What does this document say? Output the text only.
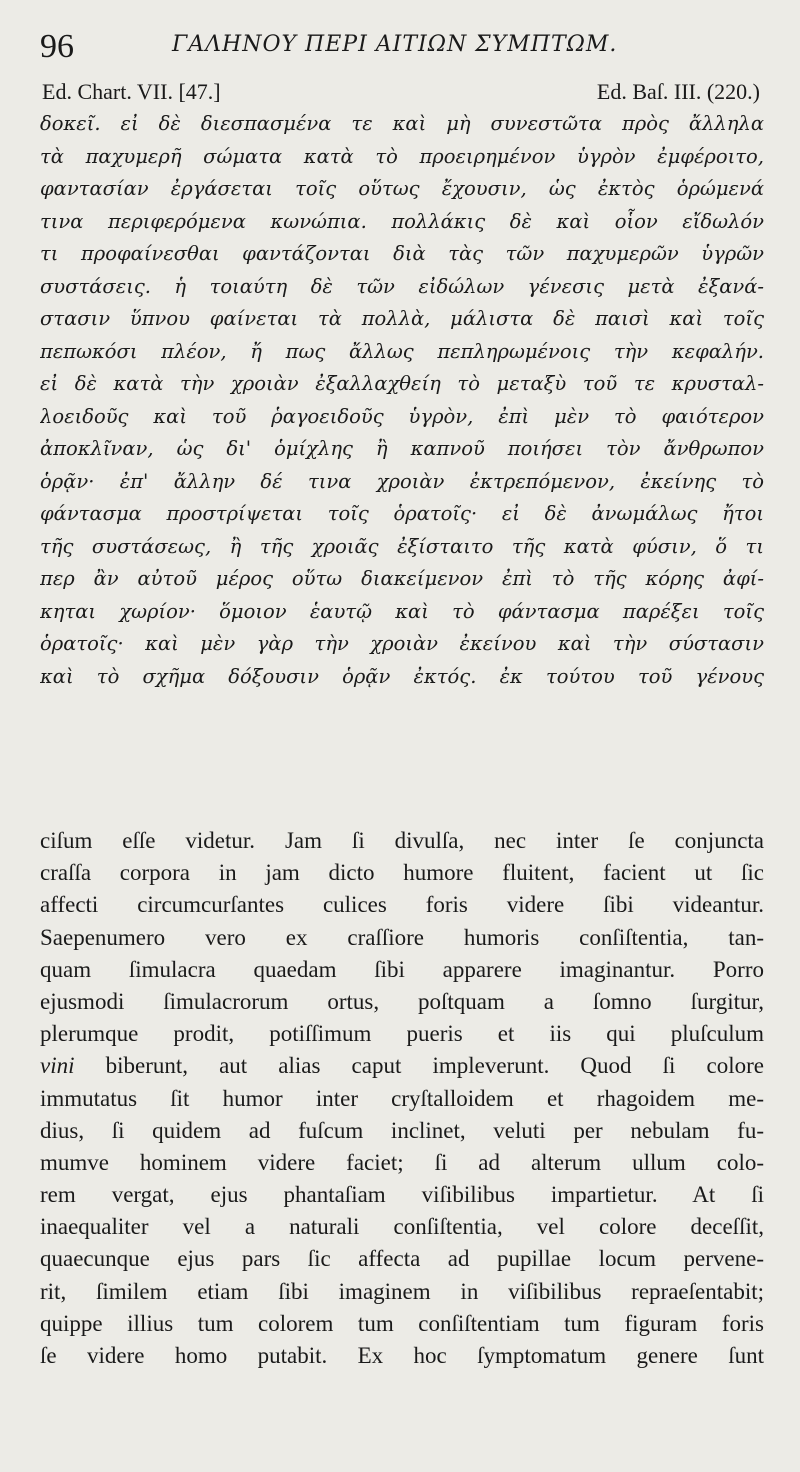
96	ΓΑΛΗΝΟΥ ΠΕΡΙ ΑΙΤΙΩΝ ΣΥΜΠΤΩΜ.
Ed. Chart. VII. [47.]	Ed. Baſ. III. (220.)
δοκεῖ. εἰ δὲ διεσπασμένα τε καὶ μὴ συνεστῶτα πρὸς ἄλληλα
τὰ παχυμερῆ σώματα κατὰ τὸ προειρημένον ὑγρὸν ἐμφέροιτο,
φαντασίαν ἐργάσεται τοῖς οὕτως ἔχουσιν, ὡς ἐκτὸς ὁρώμενά
τινα περιφερόμενα κωνώπια. πολλάκις δὲ καὶ οἷον εἴδωλόν
τι προφαίνεσθαι φαντάζονται διὰ τὰς τῶν παχυμερῶν ὑγρῶν
συστάσεις. ἡ τοιαύτη δὲ τῶν εἰδώλων γένεσις μετὰ ἐξανά-
στασιν ὕπνου φαίνεται τὰ πολλὰ, μάλιστα δὲ παισὶ καὶ τοῖς
πεπωκόσι πλέον, ἤ πως ἄλλως πεπληρωμένοις τὴν κεφαλήν.
εἰ δὲ κατὰ τὴν χροιὰν ἐξαλλαχθείη τὸ μεταξὺ τοῦ τε κρυσταλ-
λοειδοῦς καὶ τοῦ ῥαγοειδοῦς ὑγρὸν, ἐπὶ μὲν τὸ φαιότερον
ἀποκλῖναν, ὡς δι' ὁμίχλης ἢ καπνοῦ ποιήσει τὸν ἄνθρωπον
ὁρᾷν· ἐπ' ἄλλην δέ τινα χροιὰν ἐκτρεπόμενον, ἐκείνης τὸ
φάντασμα προστρίψεται τοῖς ὁρατοῖς· εἰ δὲ ἀνωμάλως ἤτοι
τῆς συστάσεως, ἢ τῆς χροιᾶς ἐξίσταιτο τῆς κατὰ φύσιν, ὅ τι
περ ἂν αὐτοῦ μέρος οὕτω διακείμενον ἐπὶ τὸ τῆς κόρης ἀφί-
κηται χωρίον· ὅμοιον ἑαυτῷ καὶ τὸ φάντασμα παρέξει τοῖς
ὁρατοῖς· καὶ μὲν γὰρ τὴν χροιὰν ἐκείνου καὶ τὴν σύστασιν
καὶ τὸ σχῆμα δόξουσιν ὁρᾷν ἐκτός. ἐκ τούτου τοῦ γένους
ciſum eſſe videtur. Jam ſi divulſa, nec inter ſe conjuncta
craſſa corpora in jam dicto humore fluitent, facient ut ſic
affecti circumcurſantes culices foris videre ſibi videantur.
Saepenumero vero ex craſſiore humoris conſiſtentia, tan-
quam ſimulacra quaedam ſibi apparere imaginantur. Porro
ejusmodi ſimulacrorum ortus, poſtquam a ſomno ſurgitur,
plerumque prodit, potiſſimum pueris et iis qui pluſculum
vini biberunt, aut alias caput impleverunt. Quod ſi colore
immutatus ſit humor inter cryſtalloidem et rhagoidem me-
dius, ſi quidem ad fuſcum inclinet, veluti per nebulam fu-
mumve hominem videre faciet; ſi ad alterum ullum colo-
rem vergat, ejus phantaſiam viſibilibus impartietur. At ſi
inaequaliter vel a naturali conſiſtentia, vel colore deceſſit,
quaecunque ejus pars ſic affecta ad pupillae locum pervene-
rit, ſimilem etiam ſibi imaginem in viſibilibus repraeſentabit;
quippe illius tum colorem tum conſiſtentiam tum figuram foris
ſe videre homo putabit. Ex hoc ſymptomatum genere ſunt
